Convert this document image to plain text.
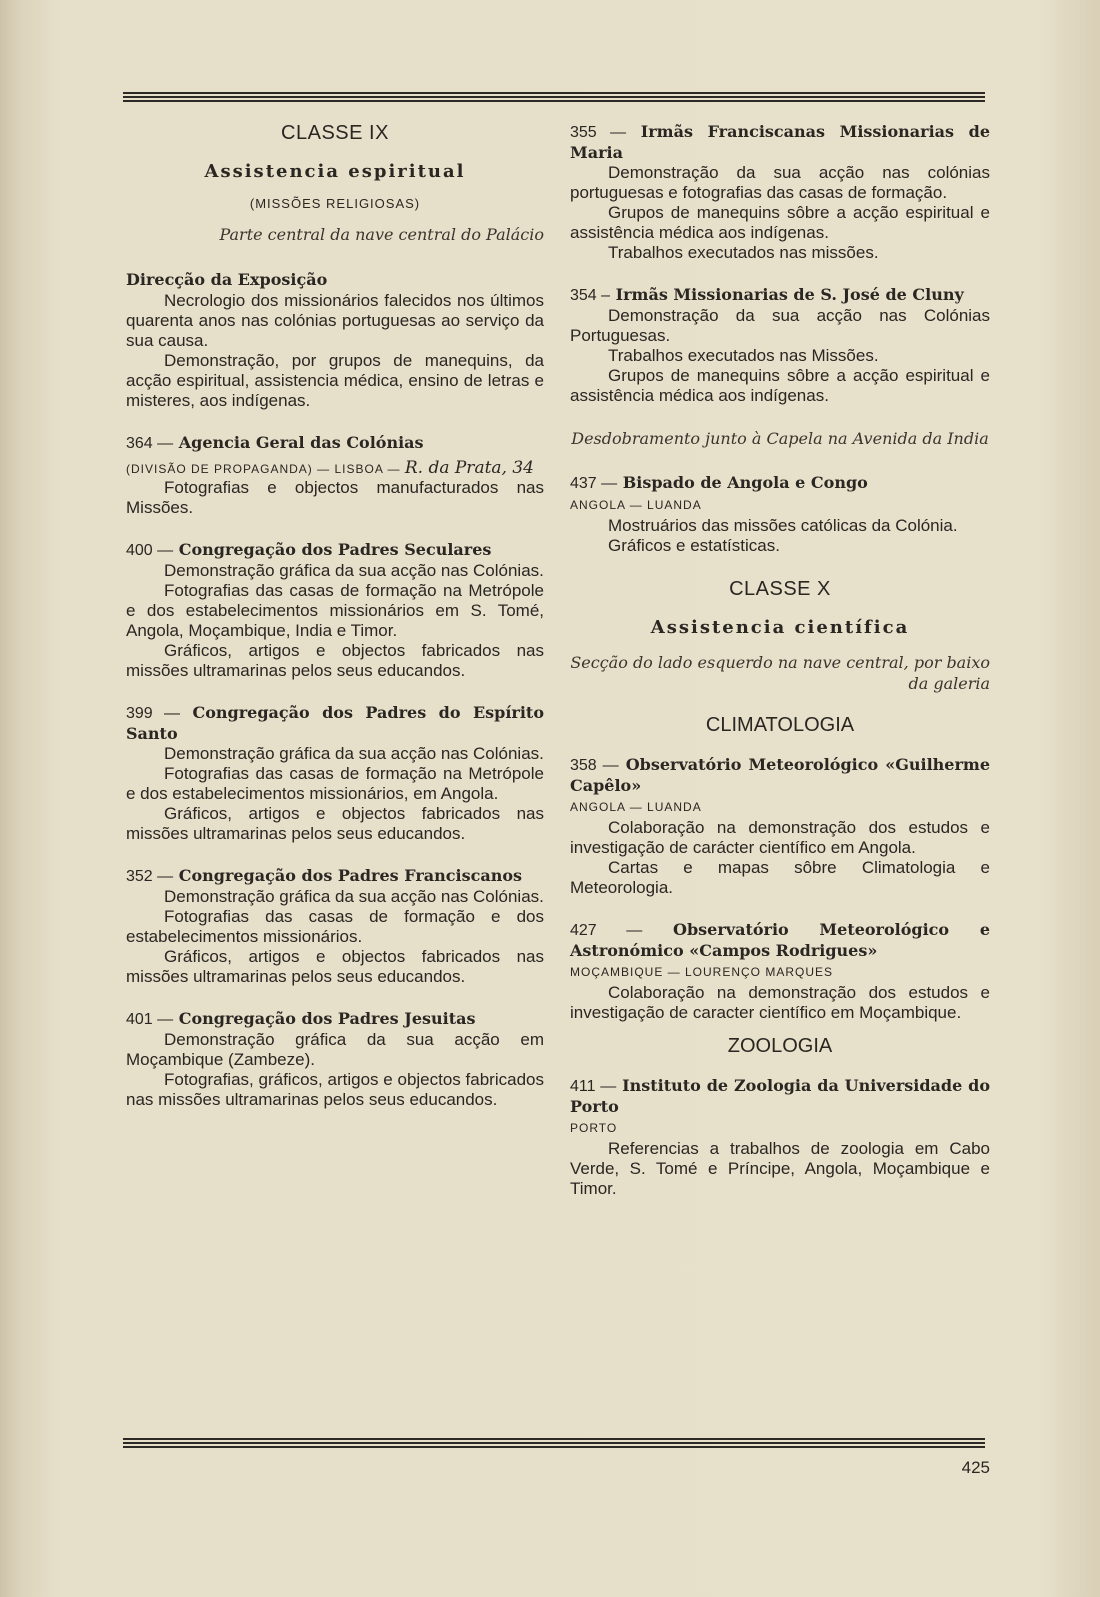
CLASSE IX
Assistencia espiritual
(MISSÕES RELIGIOSAS)
Parte central da nave central do Palácio
Direcção da Exposição

Necrologio dos missionários falecidos nos últimos quarenta anos nas colónias portuguesas ao serviço da sua causa.

Demonstração, por grupos de manequins, da acção espiritual, assistencia médica, ensino de letras e misteres, aos indígenas.

364 — Agencia Geral das Colónias
(DIVISÃO DE PROPAGANDA) — LISBOA — R. da Prata, 34

Fotografias e objectos manufacturados nas Missões.

400 — Congregação dos Padres Seculares

Demonstração gráfica da sua acção nas Colónias.

Fotografias das casas de formação na Metrópole e dos estabelecimentos missionários em S. Tomé, Angola, Moçambique, India e Timor.

Gráficos, artigos e objectos fabricados nas missões ultramarinas pelos seus educandos.

399 — Congregação dos Padres do Espírito Santo

Demonstração gráfica da sua acção nas Colónias.

Fotografias das casas de formação na Metrópole e dos estabelecimentos missionários, em Angola.

Gráficos, artigos e objectos fabricados nas missões ultramarinas pelos seus educandos.

352 — Congregação dos Padres Franciscanos

Demonstração gráfica da sua acção nas Colónias.

Fotografias das casas de formação e dos estabelecimentos missionários.

Gráficos, artigos e objectos fabricados nas missões ultramarinas pelos seus educandos.

401 — Congregação dos Padres Jesuitas

Demonstração gráfica da sua acção em Moçambique (Zambeze).

Fotografias, gráficos, artigos e objectos fabricados nas missões ultramarinas pelos seus educandos.

355 — Irmãs Franciscanas Missionarias de Maria

Demonstração da sua acção nas colónias portuguesas e fotografias das casas de formação.

Grupos de manequins sôbre a acção espiritual e assistência médica aos indígenas.

Trabalhos executados nas missões.

354 – Irmãs Missionarias de S. José de Cluny

Demonstração da sua acção nas Colónias Portuguesas.

Trabalhos executados nas Missões.

Grupos de manequins sôbre a acção espiritual e assistência médica aos indígenas.

Desdobramento junto à Capela na Avenida da India
437 — Bispado de Angola e Congo
ANGOLA — LUANDA

Mostruários das missões católicas da Colónia.

Gráficos e estatísticas.

CLASSE X
Assistencia científica
Secção do lado esquerdo na nave central, por baixo da galeria
CLIMATOLOGIA
358 — Observatório Meteorológico «Guilherme Capêlo»
ANGOLA — LUANDA

Colaboração na demonstração dos estudos e investigação de carácter científico em Angola.

Cartas e mapas sôbre Climatologia e Meteorologia.

427 — Observatório Meteorológico e Astronómico «Campos Rodrigues»
MOÇAMBIQUE — LOURENÇO MARQUES

Colaboração na demonstração dos estudos e investigação de caracter científico em Moçambique.

ZOOLOGIA
411 — Instituto de Zoologia da Universidade do Porto
PORTO

Referencias a trabalhos de zoologia em Cabo Verde, S. Tomé e Príncipe, Angola, Moçambique e Timor.

425
